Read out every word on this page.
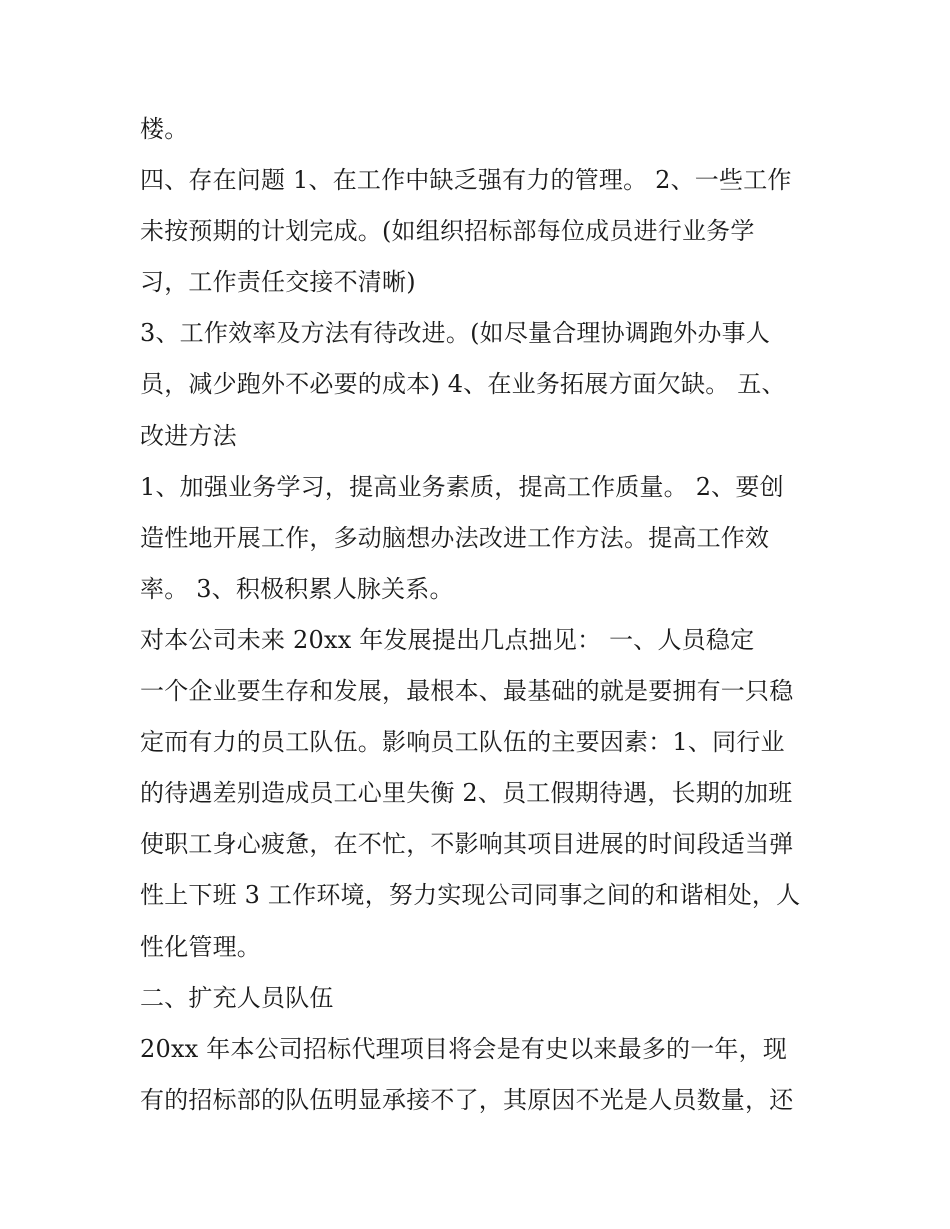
楼。
四、存在问题 1、在工作中缺乏强有力的管理。 2、一些工作
未按预期的计划完成。(如组织招标部每位成员进行业务学
习，工作责任交接不清晰)
3、工作效率及方法有待改进。(如尽量合理协调跑外办事人
员，减少跑外不必要的成本) 4、在业务拓展方面欠缺。 五、
改进方法
1、加强业务学习，提高业务素质，提高工作质量。 2、要创
造性地开展工作，多动脑想办法改进工作方法。提高工作效
率。 3、积极积累人脉关系。
对本公司未来 20xx 年发展提出几点拙见： 一、人员稳定
一个企业要生存和发展，最根本、最基础的就是要拥有一只稳
定而有力的员工队伍。影响员工队伍的主要因素：1、同行业
的待遇差别造成员工心里失衡 2、员工假期待遇，长期的加班
使职工身心疲惫，在不忙，不影响其项目进展的时间段适当弹
性上下班 3 工作环境，努力实现公司同事之间的和谐相处，人
性化管理。
二、扩充人员队伍
20xx 年本公司招标代理项目将会是有史以来最多的一年，现
有的招标部的队伍明显承接不了，其原因不光是人员数量，还
